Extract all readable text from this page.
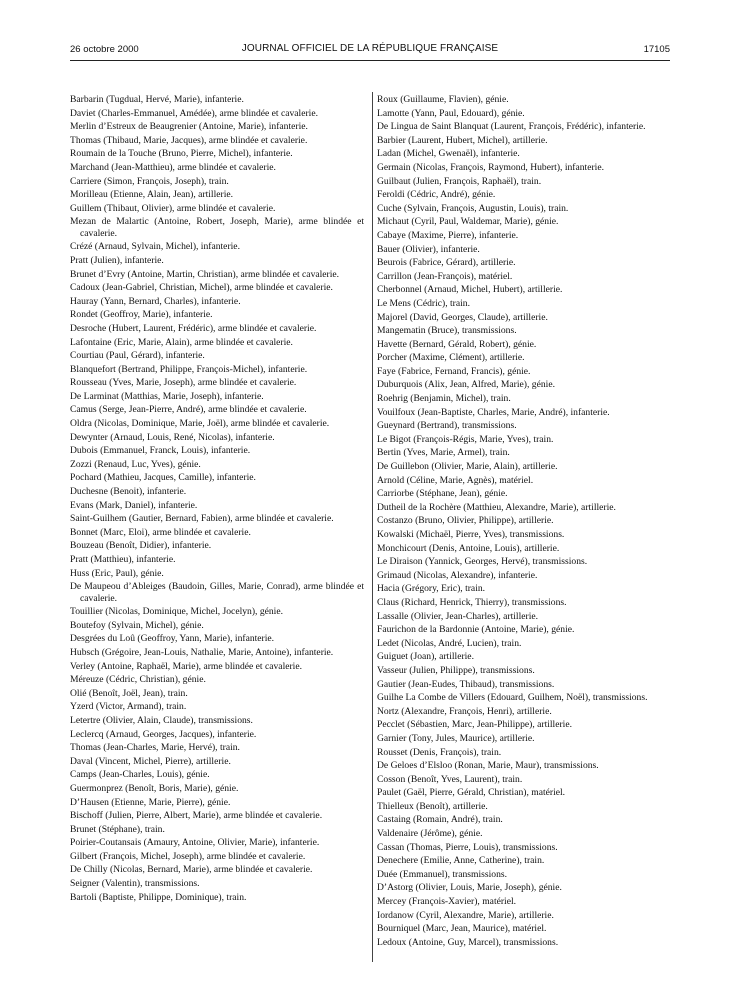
26 octobre 2000	JOURNAL OFFICIEL DE LA RÉPUBLIQUE FRANÇAISE	17105

Barbarin (Tugdual, Hervé, Marie), infanterie.

Daviet (Charles-Emmanuel, Amédée), arme blindée et cavalerie.

Merlin d’Estreux de Beaugrenier (Antoine, Marie), infanterie.

Thomas (Thibaud, Marie, Jacques), arme blindée et cavalerie.

Roumain de la Touche (Bruno, Pierre, Michel), infanterie.

Marchand (Jean-Matthieu), arme blindée et cavalerie.

Carriere (Simon, François, Joseph), train.

Morilleau (Etienne, Alain, Jean), artillerie.

Guillem (Thibaut, Olivier), arme blindée et cavalerie.

Mezan de Malartic (Antoine, Robert, Joseph, Marie), arme blindée et cavalerie.

Crézé (Arnaud, Sylvain, Michel), infanterie.

Pratt (Julien), infanterie.

Brunet d’Evry (Antoine, Martin, Christian), arme blindée et cavalerie.

Cadoux (Jean-Gabriel, Christian, Michel), arme blindée et cavalerie.

Hauray (Yann, Bernard, Charles), infanterie.

Rondet (Geoffroy, Marie), infanterie.

Desroche (Hubert, Laurent, Frédéric), arme blindée et cavalerie.

Lafontaine (Eric, Marie, Alain), arme blindée et cavalerie.

Courtiau (Paul, Gérard), infanterie.

Blanquefort (Bertrand, Philippe, François-Michel), infanterie.

Rousseau (Yves, Marie, Joseph), arme blindée et cavalerie.

De Larminat (Matthias, Marie, Joseph), infanterie.

Camus (Serge, Jean-Pierre, André), arme blindée et cavalerie.

Oldra (Nicolas, Dominique, Marie, Joël), arme blindée et cavalerie.

Dewynter (Arnaud, Louis, René, Nicolas), infanterie.

Dubois (Emmanuel, Franck, Louis), infanterie.

Zozzi (Renaud, Luc, Yves), génie.

Pochard (Mathieu, Jacques, Camille), infanterie.

Duchesne (Benoit), infanterie.

Evans (Mark, Daniel), infanterie.

Saint-Guilhem (Gautier, Bernard, Fabien), arme blindée et cavalerie.

Bonnet (Marc, Eloi), arme blindée et cavalerie.

Bouzeau (Benoît, Didier), infanterie.

Pratt (Matthieu), infanterie.

Huss (Eric, Paul), génie.

De Maupeou d’Ableiges (Baudoin, Gilles, Marie, Conrad), arme blindée et cavalerie.

Touillier (Nicolas, Dominique, Michel, Jocelyn), génie.

Boutefoy (Sylvain, Michel), génie.

Desgrées du Loû (Geoffroy, Yann, Marie), infanterie.

Hubsch (Grégoire, Jean-Louis, Nathalie, Marie, Antoine), infanterie.

Verley (Antoine, Raphaël, Marie), arme blindée et cavalerie.

Méreuze (Cédric, Christian), génie.

Olié (Benoît, Joël, Jean), train.

Yzerd (Victor, Armand), train.

Letertre (Olivier, Alain, Claude), transmissions.

Leclercq (Arnaud, Georges, Jacques), infanterie.

Thomas (Jean-Charles, Marie, Hervé), train.

Daval (Vincent, Michel, Pierre), artillerie.

Camps (Jean-Charles, Louis), génie.

Guermonprez (Benoît, Boris, Marie), génie.

D’Hausen (Etienne, Marie, Pierre), génie.

Bischoff (Julien, Pierre, Albert, Marie), arme blindée et cavalerie.

Brunet (Stéphane), train.

Poirier-Coutansais (Amaury, Antoine, Olivier, Marie), infanterie.

Gilbert (François, Michel, Joseph), arme blindée et cavalerie.

De Chilly (Nicolas, Bernard, Marie), arme blindée et cavalerie.

Seigner (Valentin), transmissions.

Bartoli (Baptiste, Philippe, Dominique), train.

Roux (Guillaume, Flavien), génie.

Lamotte (Yann, Paul, Edouard), génie.

De Lingua de Saint Blanquat (Laurent, François, Frédéric), infanterie.

Barbier (Laurent, Hubert, Michel), artillerie.

Ladan (Michel, Gwenaël), infanterie.

Germain (Nicolas, François, Raymond, Hubert), infanterie.

Guilbaut (Julien, François, Raphaël), train.

Feroldi (Cédric, André), génie.

Cuche (Sylvain, François, Augustin, Louis), train.

Michaut (Cyril, Paul, Waldemar, Marie), génie.

Cabaye (Maxime, Pierre), infanterie.

Bauer (Olivier), infanterie.

Beurois (Fabrice, Gérard), artillerie.

Carrillon (Jean-François), matériel.

Cherbonnel (Arnaud, Michel, Hubert), artillerie.

Le Mens (Cédric), train.

Majorel (David, Georges, Claude), artillerie.

Mangematin (Bruce), transmissions.

Havette (Bernard, Gérald, Robert), génie.

Porcher (Maxime, Clément), artillerie.

Faye (Fabrice, Fernand, Francis), génie.

Duburquois (Alix, Jean, Alfred, Marie), génie.

Roehrig (Benjamin, Michel), train.

Vouilfoux (Jean-Baptiste, Charles, Marie, André), infanterie.

Gueynard (Bertrand), transmissions.

Le Bigot (François-Régis, Marie, Yves), train.

Bertin (Yves, Marie, Armel), train.

De Guillebon (Olivier, Marie, Alain), artillerie.

Arnold (Céline, Marie, Agnès), matériel.

Carriorbe (Stéphane, Jean), génie.

Dutheil de la Rochère (Matthieu, Alexandre, Marie), artillerie.

Costanzo (Bruno, Olivier, Philippe), artillerie.

Kowalski (Michaël, Pierre, Yves), transmissions.

Monchicourt (Denis, Antoine, Louis), artillerie.

Le Diraison (Yannick, Georges, Hervé), transmissions.

Grimaud (Nicolas, Alexandre), infanterie.

Hacia (Grégory, Eric), train.

Claus (Richard, Henrick, Thierry), transmissions.

Lassalle (Olivier, Jean-Charles), artillerie.

Faurichon de la Bardonnie (Antoine, Marie), génie.

Ledet (Nicolas, André, Lucien), train.

Guiguet (Joan), artillerie.

Vasseur (Julien, Philippe), transmissions.

Gautier (Jean-Eudes, Thibaud), transmissions.

Guilhe La Combe de Villers (Edouard, Guilhem, Noël), transmissions.

Nortz (Alexandre, François, Henri), artillerie.

Pecclet (Sébastien, Marc, Jean-Philippe), artillerie.

Garnier (Tony, Jules, Maurice), artillerie.

Rousset (Denis, François), train.

De Geloes d’Elsloo (Ronan, Marie, Maur), transmissions.

Cosson (Benoît, Yves, Laurent), train.

Paulet (Gaël, Pierre, Gérald, Christian), matériel.

Thielleux (Benoît), artillerie.

Castaing (Romain, André), train.

Valdenaire (Jérôme), génie.

Cassan (Thomas, Pierre, Louis), transmissions.

Denechere (Emilie, Anne, Catherine), train.

Duée (Emmanuel), transmissions.

D’Astorg (Olivier, Louis, Marie, Joseph), génie.

Mercey (François-Xavier), matériel.

Iordanow (Cyril, Alexandre, Marie), artillerie.

Bourniquel (Marc, Jean, Maurice), matériel.

Ledoux (Antoine, Guy, Marcel), transmissions.
